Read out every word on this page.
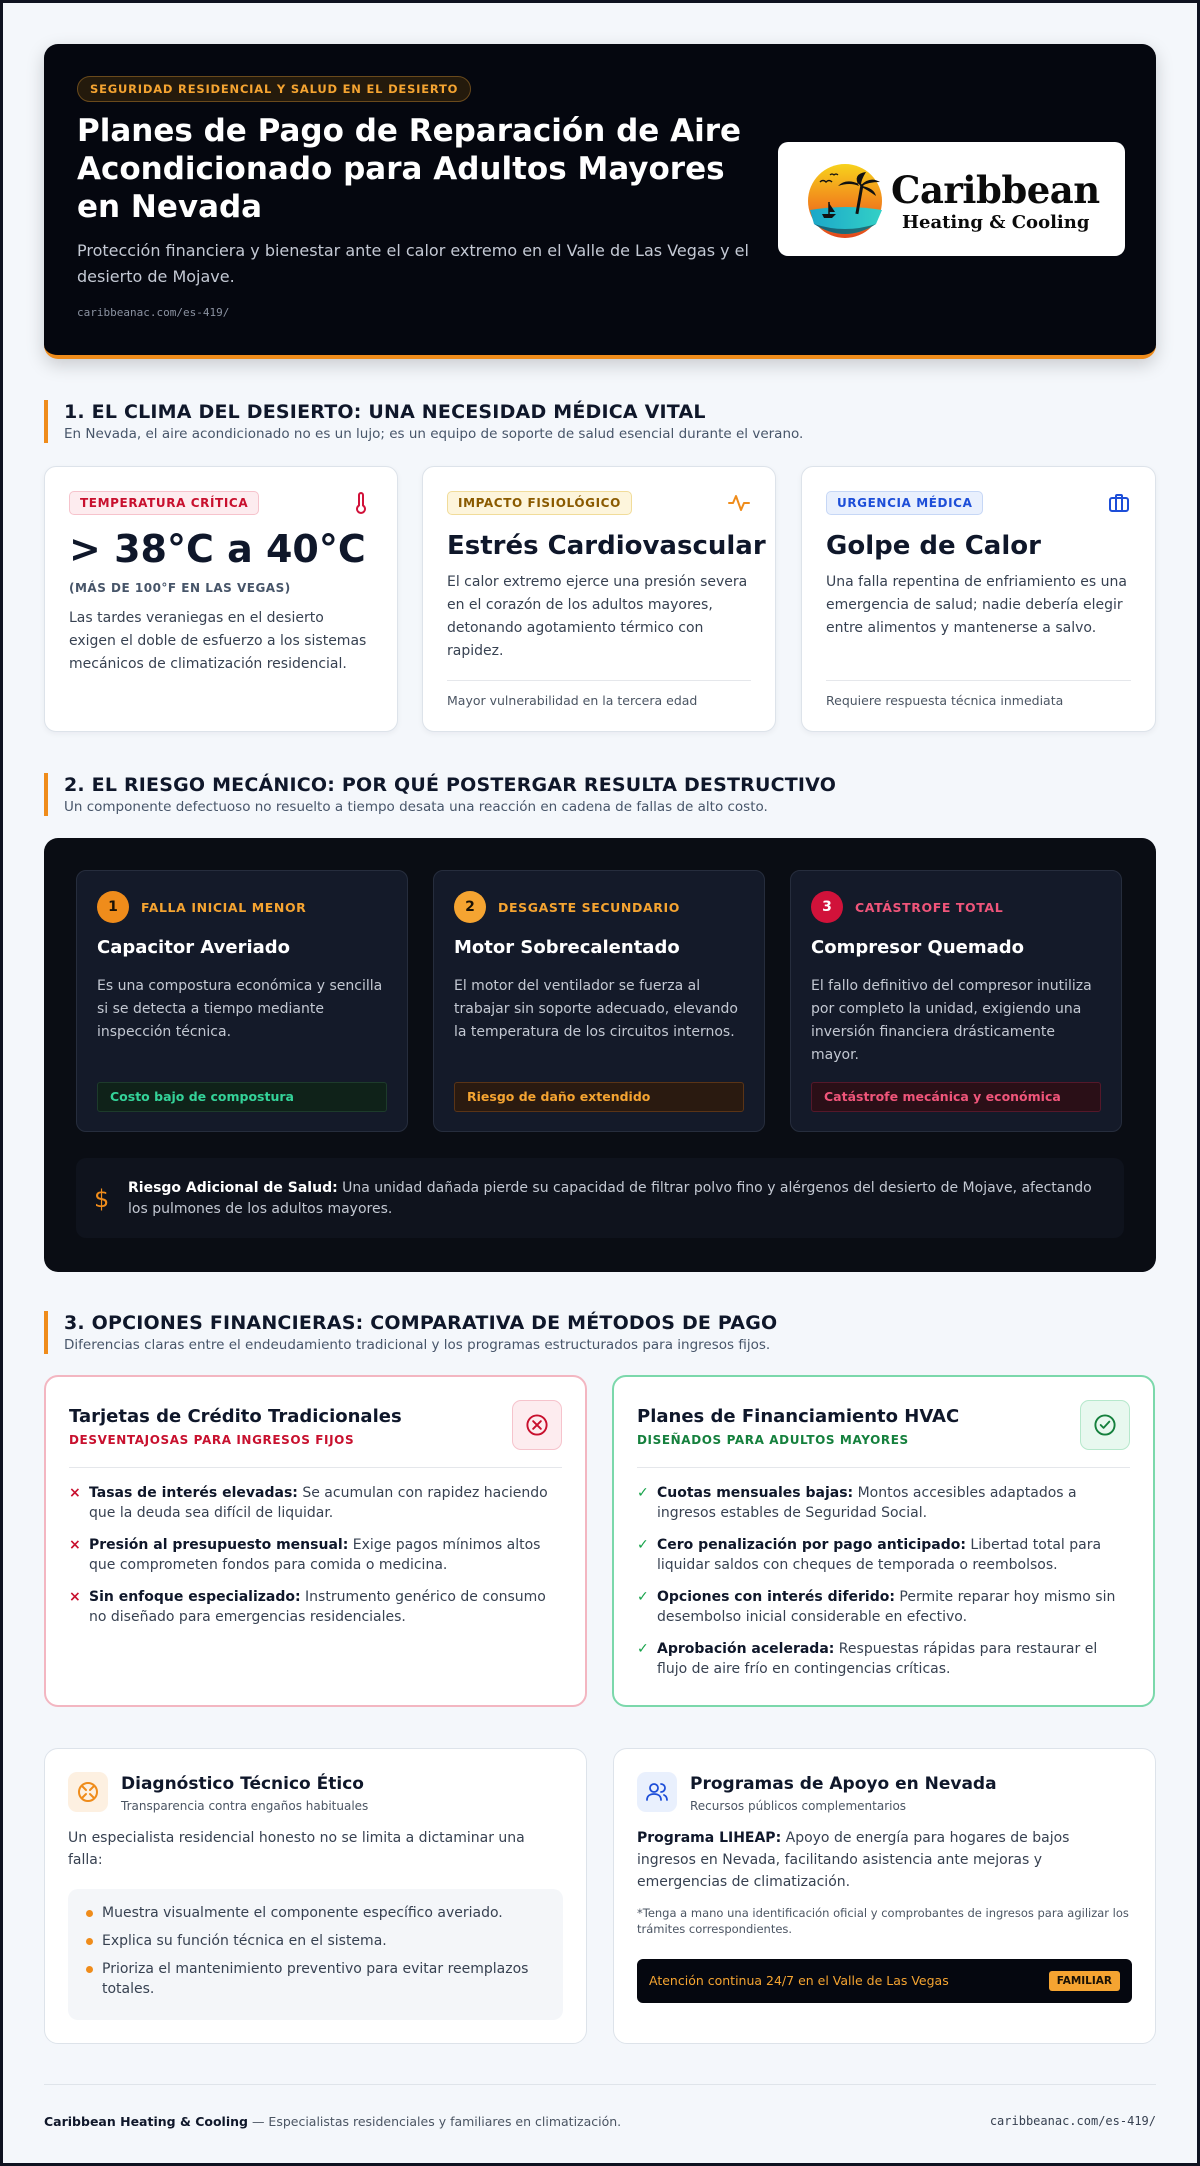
SEGURIDAD RESIDENCIAL Y SALUD EN EL DESIERTO
Planes de Pago de Reparación de Aire Acondicionado para Adultos Mayores en Nevada

Protección financiera y bienestar ante el calor extremo en el Valle de Las Vegas y el desierto de Mojave.

caribbeanac.com/es-419/
Caribbean
Heating & Cooling
1. EL CLIMA DEL DESIERTO: UNA NECESIDAD MÉDICA VITAL

En Nevada, el aire acondicionado no es un lujo; es un equipo de soporte de salud esencial durante el verano.

TEMPERATURA CRÍTICA
> 38°C a 40°C
(MÁS DE 100°F EN LAS VEGAS)

Las tardes veraniegas en el desierto exigen el doble de esfuerzo a los sistemas mecánicos de climatización residencial.

IMPACTO FISIOLÓGICO
Estrés Cardiovascular

El calor extremo ejerce una presión severa en el corazón de los adultos mayores, detonando agotamiento térmico con rapidez.

Mayor vulnerabilidad en la tercera edad
URGENCIA MÉDICA
Golpe de Calor

Una falla repentina de enfriamiento es una emergencia de salud; nadie debería elegir entre alimentos y mantenerse a salvo.

Requiere respuesta técnica inmediata
2. EL RIESGO MECÁNICO: POR QUÉ POSTERGAR RESULTA DESTRUCTIVO

Un componente defectuoso no resuelto a tiempo desata una reacción en cadena de fallas de alto costo.

1	FALLA INICIAL MENOR
Capacitor Averiado

Es una compostura económica y sencilla si se detecta a tiempo mediante inspección técnica.

Costo bajo de compostura
2	DESGASTE SECUNDARIO
Motor Sobrecalentado

El motor del ventilador se fuerza al trabajar sin soporte adecuado, elevando la temperatura de los circuitos internos.

Riesgo de daño extendido
3	CATÁSTROFE TOTAL
Compresor Quemado

El fallo definitivo del compresor inutiliza por completo la unidad, exigiendo una inversión financiera drásticamente mayor.

Catástrofe mecánica y económica
$ Riesgo Adicional de Salud: Una unidad dañada pierde su capacidad de filtrar polvo fino y alérgenos del desierto de Mojave, afectando los pulmones de los adultos mayores.

3. OPCIONES FINANCIERAS: COMPARATIVA DE MÉTODOS DE PAGO

Diferencias claras entre el endeudamiento tradicional y los programas estructurados para ingresos fijos.

Tarjetas de Crédito Tradicionales
DESVENTAJOSAS PARA INGRESOS FIJOS
× Tasas de interés elevadas: Se acumulan con rapidez haciendo que la deuda sea difícil de liquidar.
× Presión al presupuesto mensual: Exige pagos mínimos altos que comprometen fondos para comida o medicina.
× Sin enfoque especializado: Instrumento genérico de consumo no diseñado para emergencias residenciales.
Planes de Financiamiento HVAC
DISEÑADOS PARA ADULTOS MAYORES
✓ Cuotas mensuales bajas: Montos accesibles adaptados a ingresos estables de Seguridad Social.
✓ Cero penalización por pago anticipado: Libertad total para liquidar saldos con cheques de temporada o reembolsos.
✓ Opciones con interés diferido: Permite reparar hoy mismo sin desembolso inicial considerable en efectivo.
✓ Aprobación acelerada: Respuestas rápidas para restaurar el flujo de aire frío en contingencias críticas.
Diagnóstico Técnico Ético
Transparencia contra engaños habituales

Un especialista residencial honesto no se limita a dictaminar una falla:

Muestra visualmente el componente específico averiado.
Explica su función técnica en el sistema.
Prioriza el mantenimiento preventivo para evitar reemplazos totales.
Programas de Apoyo en Nevada
Recursos públicos complementarios

Programa LIHEAP: Apoyo de energía para hogares de bajos ingresos en Nevada, facilitando asistencia ante mejoras y emergencias de climatización.

*Tenga a mano una identificación oficial y comprobantes de ingresos para agilizar los trámites correspondientes.

Atención continua 24/7 en el Valle de Las Vegas	FAMILIAR

Caribbean Heating & Cooling — Especialistas residenciales y familiares en climatización.	caribbeanac.com/es-419/
